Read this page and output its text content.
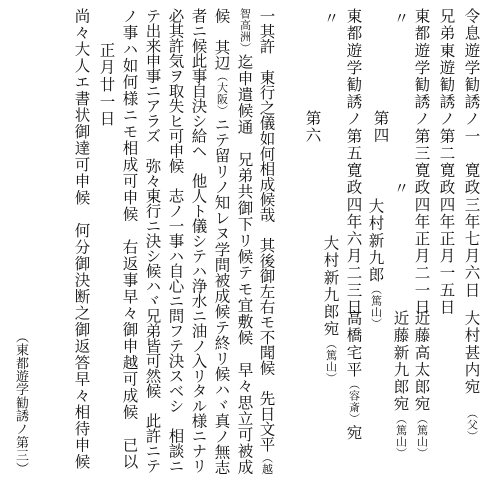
令息遊学勧誘ノ一
兄弟東遊勧誘ノ第二
東都遊学勧誘ノ第三
〃
第四
東都遊学勧誘ノ第五
〃
第六
寛政三年七月六日
寛政四年正月一五日
寛政四年正月二一日
〃
寛政四年六月二三日
大村甚内宛　（父）
近藤高太郎宛（篤山）
近藤新九郎宛（篤山）
大村新九郎（篤山）
高橋宅平（容斎）宛
大村新九郎宛（篤山）
一其許　東行之儀如何相成候哉　其後御左右モ不聞候　先日文平（越
智高洲）迄申遣候通　兄弟共御下リ候テモ宜敷候　早々思立可被成
候　其辺（大阪）ニテ留リノ知レヌ学問被成候テ終リ候ハヾ真ノ無志
者ニ候此事自決シ給ヘ　他人ト儀シテハ浄水ニ油ノ入リタル様ニナリ
必其許気ヲ取失ヒ可申候　志ノ一事ハ自心ニ問フテ決スベシ　相談ニ
テ出来申事ニアラズ　弥々東行ニ決シ候ハヾ兄弟皆可然候　此許ニテ
ノ事ハ如何様ニモ相成可申候　右返事早々御申越可成候　已以
正月廿一日
尚々大人エ書状御達可申候　何分御決断之御返答早々相待申候
（東都遊学勧誘ノ第三）
